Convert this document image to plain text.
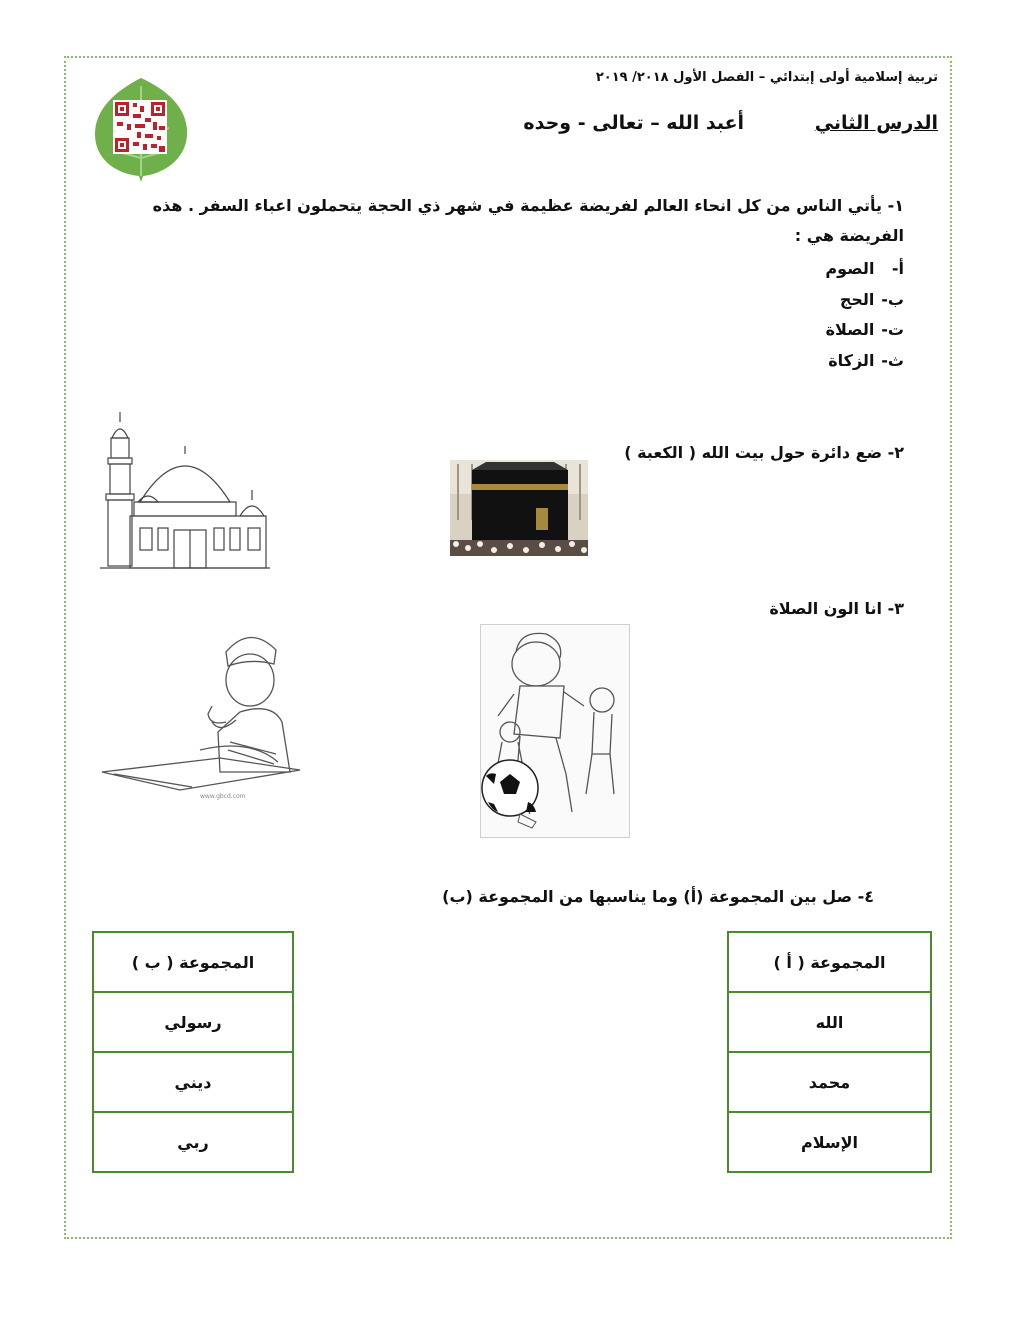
تربية إسلامية أولى إبتدائي – الفصل الأول ٢٠١٨/ ٢٠١٩
الدرس الثاني أعبد الله – تعالى - وحده
١- يأتي الناس من كل انحاء العالم لفريضة عظيمة في شهر ذي الحجة يتحملون اعباء السفر . هذه الفريضة هي :
أ- الصوم
ب- الحج
ت- الصلاة
ث- الزكاة
٢- ضع دائرة حول بيت الله ( الكعبة )
٣- انا الون الصلاة
www.gbcd.com
٤- صل بين المجموعة (أ) وما يناسبها من المجموعة (ب)
المجموعة ( أ )
الله
محمد
الإسلام
المجموعة ( ب )
رسولي
ديني
ربي
